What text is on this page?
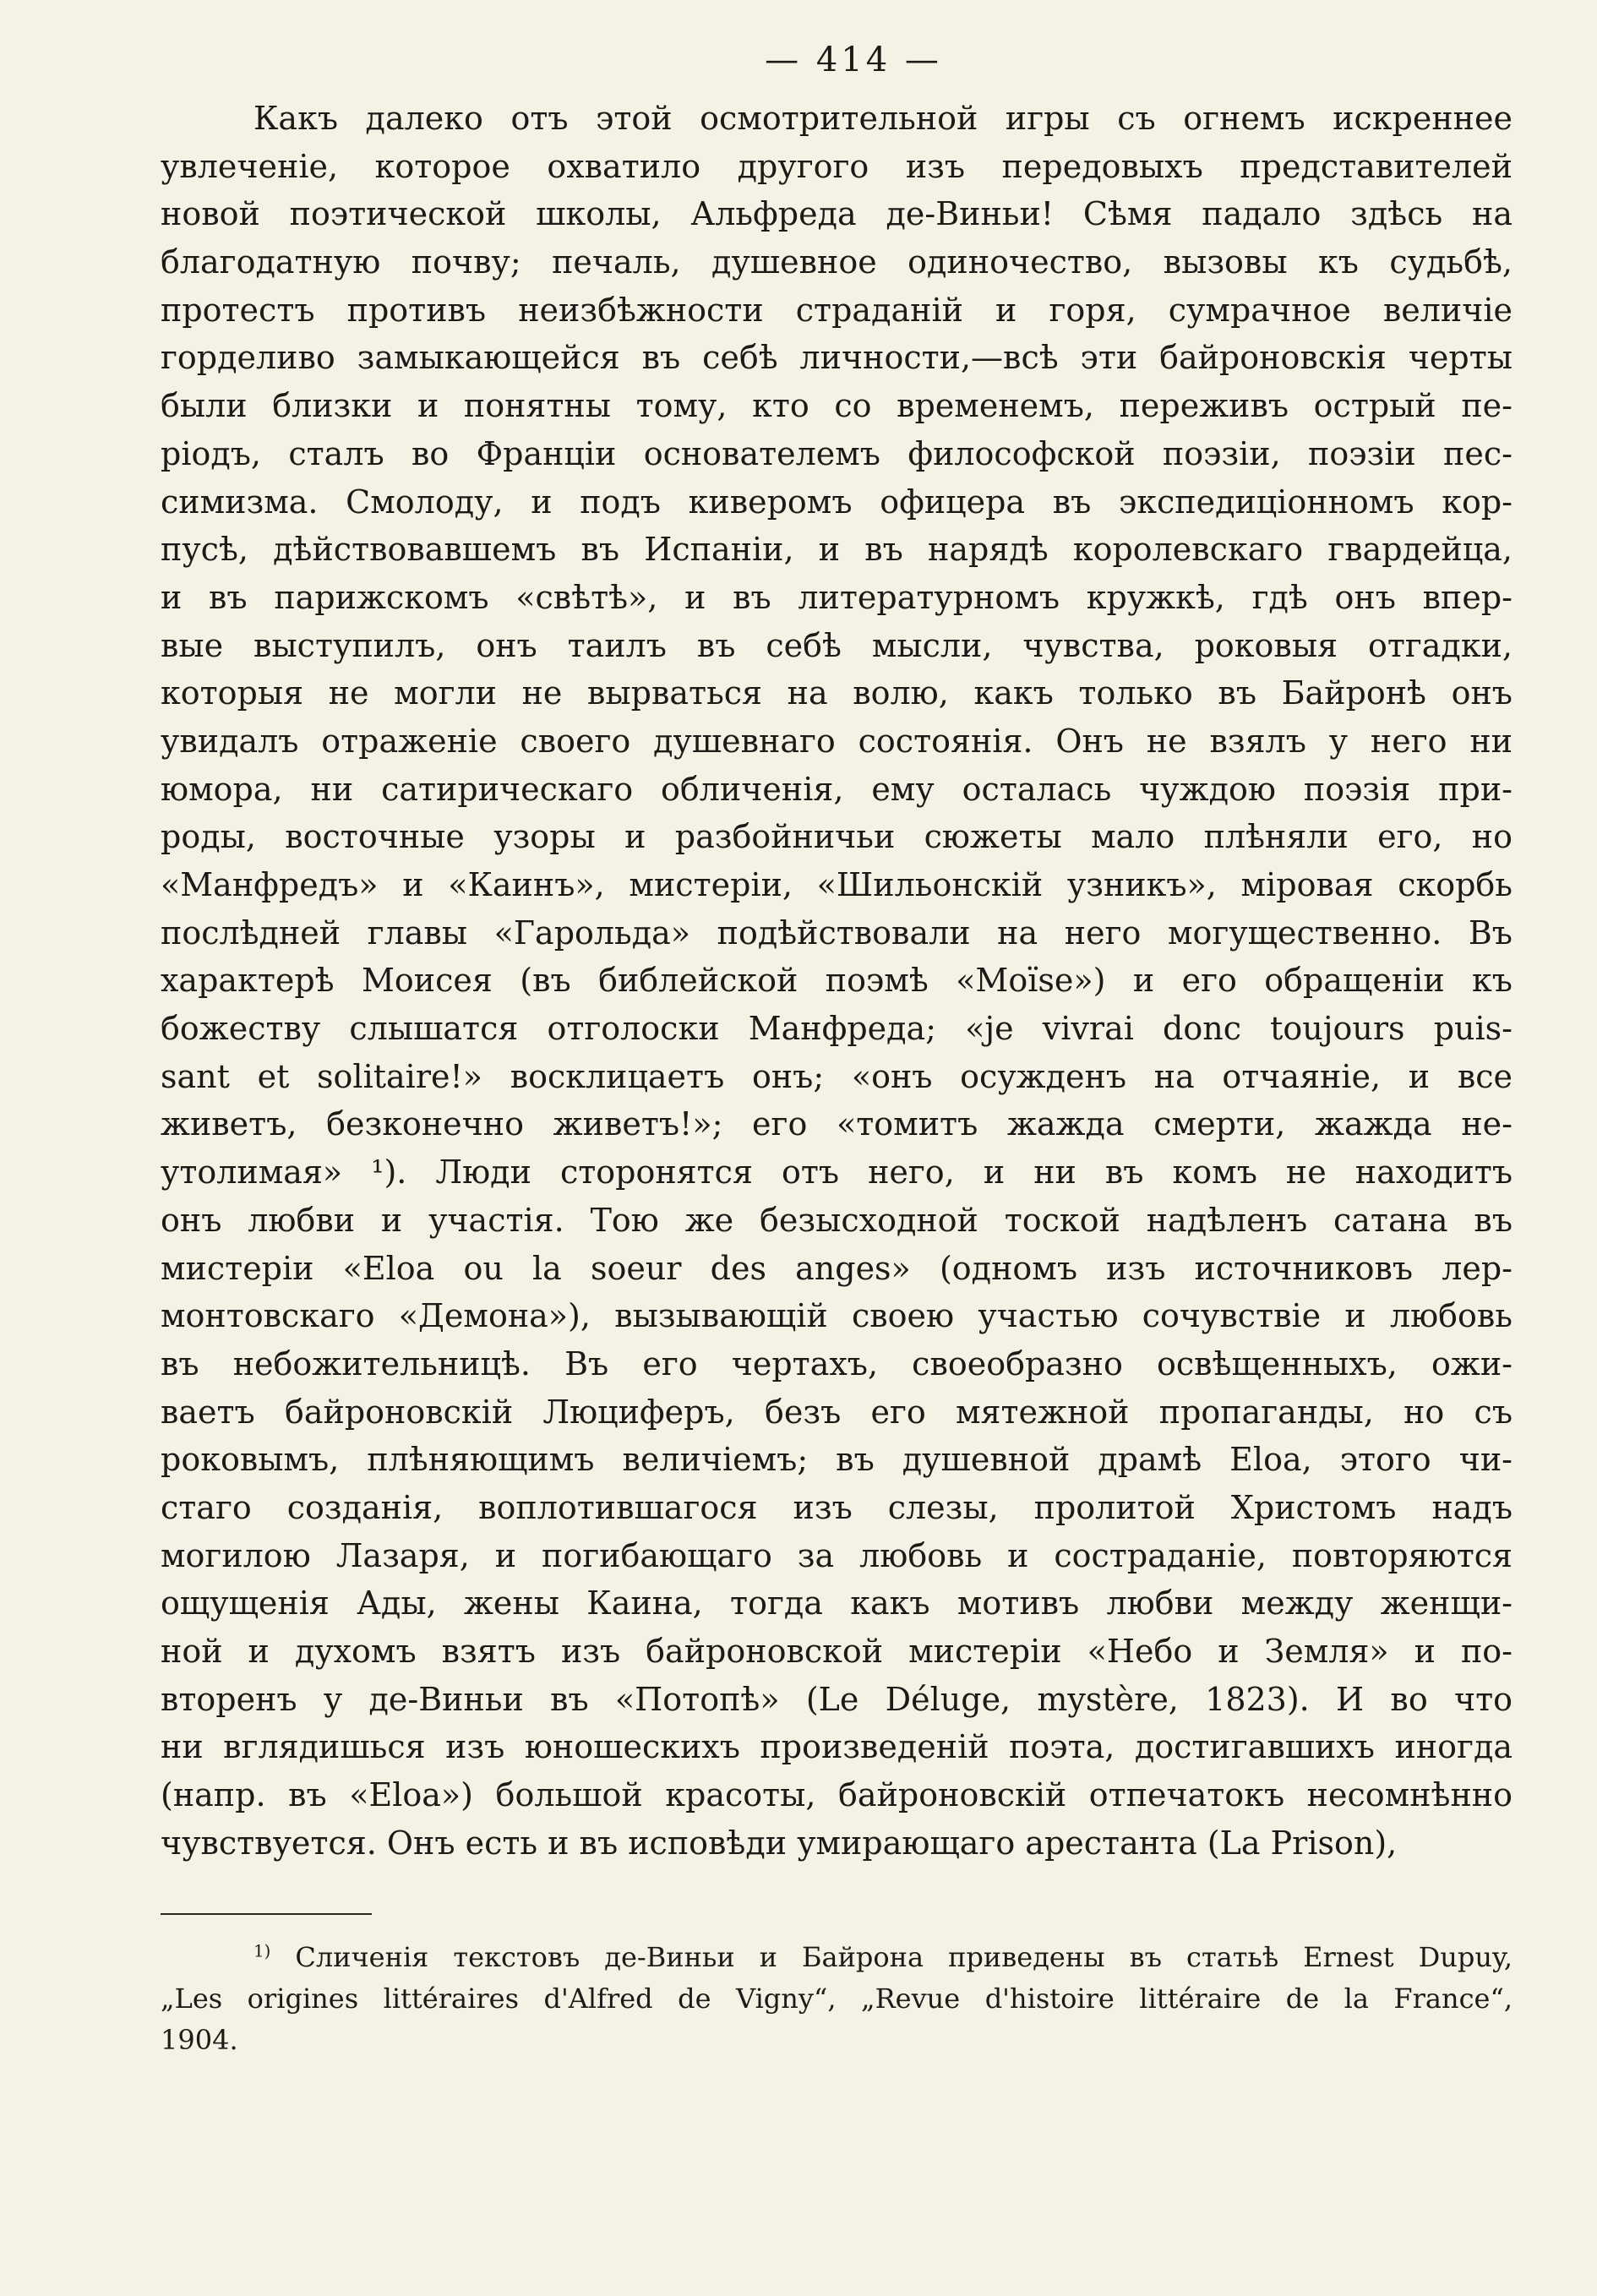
— 414 —
Какъ далеко отъ этой осмотрительной игры съ огнемъ искреннее
увлеченіе, которое охватило другого изъ передовыхъ представителей
новой поэтической школы, Альфреда де-Виньи! Сѣмя падало здѣсь на
благодатную почву; печаль, душевное одиночество, вызовы къ судьбѣ,
протестъ противъ неизбѣжности страданій и горя, сумрачное величіе
горделиво замыкающейся въ себѣ личности,—всѣ эти байроновскія черты
были близки и понятны тому, кто со временемъ, переживъ острый пе-
ріодъ, сталъ во Франціи основателемъ философской поэзіи, поэзіи пес-
симизма. Смолоду, и подъ кивeромъ офицера въ экспедиціонномъ кор-
пусѣ, дѣйствовавшемъ въ Испаніи, и въ нарядѣ королевскаго гвардейца,
и въ парижскомъ «свѣтѣ», и въ литературномъ кружкѣ, гдѣ онъ впер-
вые выступилъ, онъ таилъ въ себѣ мысли, чувства, роковыя отгадки,
которыя не могли не вырваться на волю, какъ только въ Байронѣ онъ
увидалъ отраженіе своего душевнаго состоянія. Онъ не взялъ у него ни
юмора, ни сатирическаго обличенія, ему осталась чуждою поэзія при-
роды, восточные узоры и разбойничьи сюжеты мало плѣняли его, но
«Манфредъ» и «Каинъ», мистеріи, «Шильонскій узникъ», міровая скорбь
послѣдней главы «Гарольда» подѣйствовали на него могущественно. Въ
характерѣ Моисея (въ библейской поэмѣ «Moïse») и его обращеніи къ
божеству слышатся отголоски Манфреда; «je vivrai donc toujours puis-
sant et solitaire!» восклицаетъ онъ; «онъ осужденъ на отчаяніе, и все
живетъ, безконечно живетъ!»; его «томитъ жажда смерти, жажда не-
утолимая» ¹). Люди сторонятся отъ него, и ни въ комъ не находитъ
онъ любви и участія. Тою же безысходной тоской надѣленъ сатана въ
мистеріи «Eloa ou la soeur des anges» (одномъ изъ источниковъ лер-
монтовскаго «Демона»), вызывающій своею участью сочувствіе и любовь
въ небожительницѣ. Въ его чертахъ, своеобразно освѣщенныхъ, ожи-
ваетъ байроновскій Люциферъ, безъ его мятежной пропаганды, но съ
роковымъ, плѣняющимъ величіемъ; въ душевной драмѣ Eloa, этого чи-
стаго созданія, воплотившагося изъ слезы, пролитой Христомъ надъ
могилою Лазаря, и погибающаго за любовь и состраданіе, повторяются
ощущенія Ады, жены Каина, тогда какъ мотивъ любви между женщи-
ной и духомъ взятъ изъ байроновской мистеріи «Небо и Земля» и по-
вторенъ у де-Виньи въ «Потопѣ» (Le Déluge, mystère, 1823). И во что
ни вглядишься изъ юношескихъ произведеній поэта, достигавшихъ иногда
(напр. въ «Eloa») большой красоты, байроновскій отпечатокъ несомнѣнно
чувствуется. Онъ есть и въ исповѣди умирающаго арестанта (La Prison),
$^{1)}$ Сличенія текстовъ де-Виньи и Байрона приведены въ статьѣ Ernest Dupuy,
„Les origines littéraires d'Alfred de Vigny“, „Revue d'histoire littéraire de la France“,
1904.
